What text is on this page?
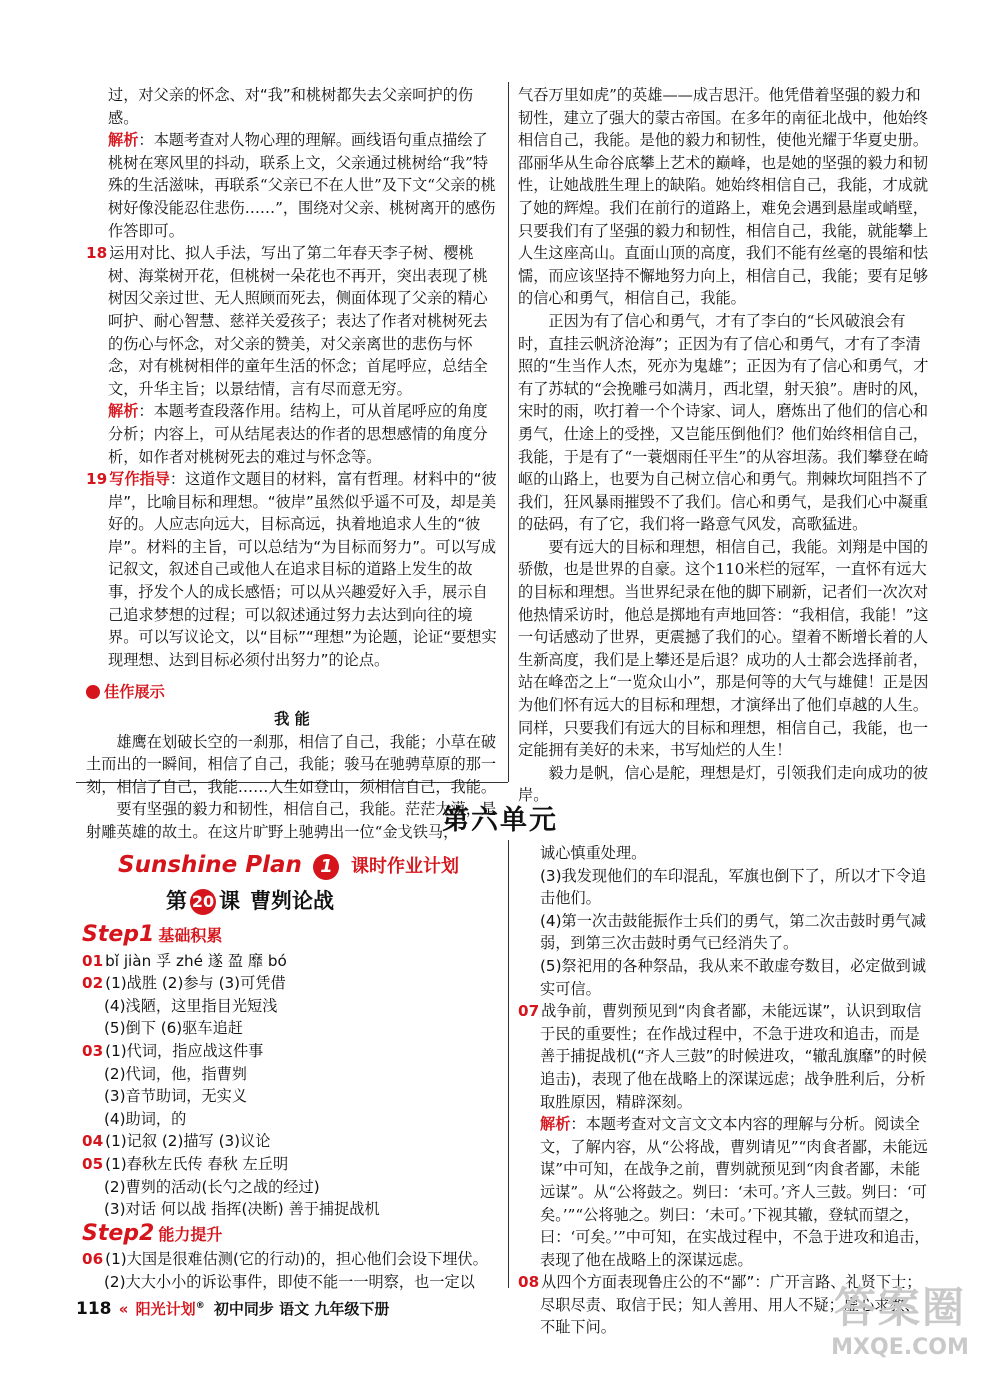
过，对父亲的怀念、对“我”和桃树都失去父亲呵护的伤感。

解析：本题考查对人物心理的理解。画线语句重点描绘了桃树在寒风里的抖动，联系上文，父亲通过桃树给“我”特殊的生活滋味，再联系“父亲已不在人世”及下文“父亲的桃树好像没能忍住悲伤……”，围绕对父亲、桃树离开的感伤作答即可。

18 运用对比、拟人手法，写出了第二年春天李子树、樱桃树、海棠树开花，但桃树一朵花也不再开，突出表现了桃树因父亲过世、无人照顾而死去，侧面体现了父亲的精心呵护、耐心智慧、慈祥关爱孩子；表达了作者对桃树死去的伤心与怀念，对父亲的赞美，对父亲离世的悲伤与怀念，对有桃树相伴的童年生活的怀念；首尾呼应，总结全文，升华主旨；以景结情，言有尽而意无穷。

解析：本题考查段落作用。结构上，可从首尾呼应的角度分析；内容上，可从结尾表达的作者的思想感情的角度分析，如作者对桃树死去的难过与怀念等。

19 写作指导：这道作文题目的材料，富有哲理。材料中的“彼岸”，比喻目标和理想。“彼岸”虽然似乎遥不可及，却是美好的。人应志向远大，目标高远，执着地追求人生的“彼岸”。材料的主旨，可以总结为“为目标而努力”。可以写成记叙文，叙述自己或他人在追求目标的道路上发生的故事，抒发个人的成长感悟；可以从兴趣爱好入手，展示自己追求梦想的过程；可以叙述通过努力去达到向往的境界。可以写议论文，以“目标”“理想”为论题，论证“要想实现理想、达到目标必须付出努力”的论点。

佳作展示

我 能

雄鹰在划破长空的一刹那，相信了自己，我能；小草在破土而出的一瞬间，相信了自己，我能；骏马在驰骋草原的那一刻，相信了自己，我能……人生如登山，须相信自己，我能。

要有坚强的毅力和韧性，相信自己，我能。茫茫大漠，是射雕英雄的故土。在这片旷野上驰骋出一位“金戈铁马，

气吞万里如虎”的英雄——成吉思汗。他凭借着坚强的毅力和韧性，建立了强大的蒙古帝国。在多年的南征北战中，他始终相信自己，我能。是他的毅力和韧性，使他光耀于华夏史册。邵丽华从生命谷底攀上艺术的巅峰，也是她的坚强的毅力和韧性，让她战胜生理上的缺陷。她始终相信自己，我能，才成就了她的辉煌。我们在前行的道路上，难免会遇到悬崖或峭壁，只要我们有了坚强的毅力和韧性，相信自己，我能，就能攀上人生这座高山。直面山顶的高度，我们不能有丝毫的畏缩和怯懦，而应该坚持不懈地努力向上，相信自己，我能；要有足够的信心和勇气，相信自己，我能。

正因为有了信心和勇气，才有了李白的“长风破浪会有时，直挂云帆济沧海”；正因为有了信心和勇气，才有了李清照的“生当作人杰，死亦为鬼雄”；正因为有了信心和勇气，才有了苏轼的“会挽雕弓如满月，西北望，射天狼”。唐时的风，宋时的雨，吹打着一个个诗家、词人，磨炼出了他们的信心和勇气，仕途上的受挫，又岂能压倒他们？他们始终相信自己，我能，于是有了“一蓑烟雨任平生”的从容坦荡。我们攀登在崎岖的山路上，也要为自己树立信心和勇气。荆棘坎坷阻挡不了我们，狂风暴雨摧毁不了我们。信心和勇气，是我们心中凝重的砝码，有了它，我们将一路意气风发，高歌猛进。

要有远大的目标和理想，相信自己，我能。刘翔是中国的骄傲，也是世界的自豪。这个110米栏的冠军，一直怀有远大的目标和理想。当世界纪录在他的脚下刷新，记者们一次次对他热情采访时，他总是掷地有声地回答：“我相信，我能！”这一句话感动了世界，更震撼了我们的心。望着不断增长着的人生新高度，我们是上攀还是后退？成功的人士都会选择前者，站在峰峦之上“一览众山小”，那是何等的大气与雄健！正是因为他们怀有远大的目标和理想，才演绎出了他们卓越的人生。同样，只要我们有远大的目标和理想，相信自己，我能，也一定能拥有美好的未来，书写灿烂的人生！

毅力是帆，信心是舵，理想是灯，引领我们走向成功的彼岸。

第六单元
Sunshine Plan 1 课时作业计划
第 20 课 曹刿论战

Step1 基础积累

01 bǐ jiàn 孚 zhé 遂 盈 靡 bó

02 (1)战胜 (2)参与 (3)可凭借

(4)浅陋，这里指目光短浅

(5)倒下 (6)驱车追赶

03 (1)代词，指应战这件事

(2)代词，他，指曹刿

(3)音节助词，无实义

(4)助词，的

04 (1)记叙 (2)描写 (3)议论

05 (1)春秋左氏传 春秋 左丘明

(2)曹刿的活动(长勺之战的经过)

(3)对话 何以战 指挥(决断) 善于捕捉战机

Step2 能力提升

06 (1)大国是很难估测(它的行动)的，担心他们会设下埋伏。

(2)大大小小的诉讼事件，即使不能一一明察，也一定以

诚心慎重处理。

(3)我发现他们的车印混乱，军旗也倒下了，所以才下令追击他们。

(4)第一次击鼓能振作士兵们的勇气，第二次击鼓时勇气减弱，到第三次击鼓时勇气已经消失了。

(5)祭祀用的各种祭品，我从来不敢虚夸数目，必定做到诚实可信。

07 战争前，曹刿预见到“肉食者鄙，未能远谋”，认识到取信于民的重要性；在作战过程中，不急于进攻和追击，而是善于捕捉战机(“齐人三鼓”的时候进攻，“辙乱旗靡”的时候追击)，表现了他在战略上的深谋远虑；战争胜利后，分析取胜原因，精辟深刻。

解析：本题考查对文言文文本内容的理解与分析。阅读全文，了解内容，从“公将战，曹刿请见”“肉食者鄙，未能远谋”中可知，在战争之前，曹刿就预见到“肉食者鄙，未能远谋”。从“公将鼓之。刿曰：‘未可。’齐人三鼓。刿曰：‘可矣。’”“公将驰之。刿曰：‘未可。’下视其辙，登轼而望之，曰：‘可矣。’”中可知，在实战过程中，不急于进攻和追击，表现了他在战略上的深谋远虑。

08 从四个方面表现鲁庄公的不“鄙”：广开言路、礼贤下士；尽职尽责、取信于民；知人善用、用人不疑；虚心求教、不耻下问。

118 « 阳光计划® 初中同步 语文 九年级下册	答案圈
MXQE.COM
